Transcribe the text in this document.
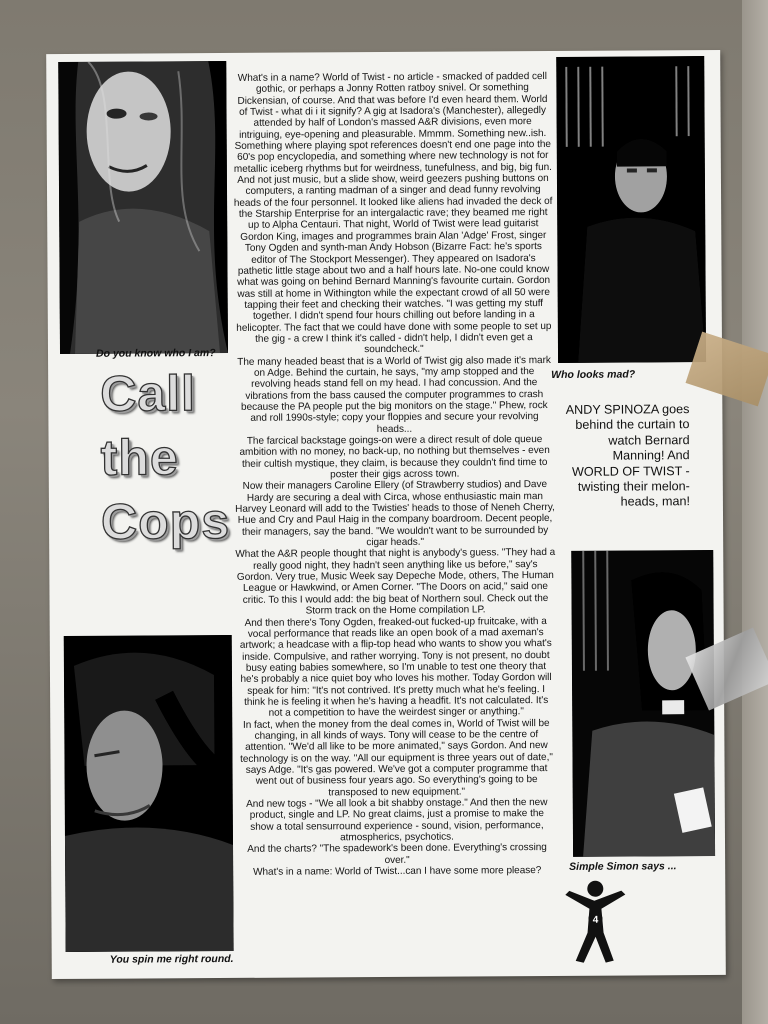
Do you know who I am?
Who looks mad?
Simple Simon says ...
You spin me right round.
Call
the
Cops

What's in a name? World of Twist - no article - smacked of padded cell gothic, or perhaps a Jonny Rotten ratboy snivel. Or something Dickensian, of course. And that was before I'd even heard them. World of Twist - what di i it signify? A gig at Isadora's (Manchester), allegedly attended by half of London's massed A&R divisions, even more intriguing, eye-opening and pleasurable. Mmmm. Something new..ish. Something where playing spot references doesn't end one page into the 60's pop encyclopedia, and something where new technology is not for metallic iceberg rhythms but for weirdness, tunefulness, and big, big fun. And not just music, but a slide show, weird geezers pushing buttons on computers, a ranting madman of a singer and dead funny revolving heads of the four personnel. It looked like aliens had invaded the deck of the Starship Enterprise for an intergalactic rave; they beamed me right up to Alpha Centauri. That night, World of Twist were lead guitarist Gordon King, images and programmes brain Alan 'Adge' Frost, singer Tony Ogden and synth-man Andy Hobson (Bizarre Fact: he's sports editor of The Stockport Messenger). They appeared on Isadora's pathetic little stage about two and a half hours late. No-one could know what was going on behind Bernard Manning's favourite curtain. Gordon was still at home in Withington while the expectant crowd of all 50 were tapping their feet and checking their watches. "I was getting my stuff together. I didn't spend four hours chilling out before landing in a helicopter. The fact that we could have done with some people to set up the gig - a crew I think it's called - didn't help, I didn't even get a soundcheck."

The many headed beast that is a World of Twist gig also made it's mark on Adge. Behind the curtain, he says, "my amp stopped and the revolving heads stand fell on my head. I had concussion. And the vibrations from the bass caused the computer programmes to crash because the PA people put the big monitors on the stage." Phew, rock and roll 1990s-style; copy your floppies and secure your revolving heads...

The farcical backstage goings-on were a direct result of dole queue ambition with no money, no back-up, no nothing but themselves - even their cultish mystique, they claim, is because they couldn't find time to poster their gigs across town.

Now their managers Caroline Ellery (of Strawberry studios) and Dave Hardy are securing a deal with Circa, whose enthusiastic main man Harvey Leonard will add to the Twisties' heads to those of Neneh Cherry, Hue and Cry and Paul Haig in the company boardroom. Decent people, their managers, say the band. "We wouldn't want to be surrounded by cigar heads."

What the A&R people thought that night is anybody's guess. "They had a really good night, they hadn't seen anything like us before," say's Gordon. Very true, Music Week say Depeche Mode, others, The Human League or Hawkwind, or Amen Corner. "The Doors on acid," said one critic. To this I would add: the big beat of Northern soul. Check out the Storm track on the Home compilation LP.

And then there's Tony Ogden, freaked-out fucked-up fruitcake, with a vocal performance that reads like an open book of a mad axeman's artwork; a headcase with a flip-top head who wants to show you what's inside. Compulsive, and rather worrying. Tony is not present, no doubt busy eating babies somewhere, so I'm unable to test one theory that he's probably a nice quiet boy who loves his mother. Today Gordon will speak for him: "It's not contrived. It's pretty much what he's feeling. I think he is feeling it when he's having a headfit. It's not calculated. It's not a competition to have the weirdest singer or anything."

In fact, when the money from the deal comes in, World of Twist will be changing, in all kinds of ways. Tony will cease to be the centre of attention. "We'd all like to be more animated," says Gordon. And new technology is on the way. "All our equipment is three years out of date," says Adge. "It's gas powered. We've got a computer programme that went out of business four years ago. So everything's going to be transposed to new equipment."

And new togs - "We all look a bit shabby onstage." And then the new product, single and LP. No great claims, just a promise to make the show a total sensurround experience - sound, vision, performance, atmospherics, psychotics.

And the charts? "The spadework's been done. Everything's crossing over."

What's in a name: World of Twist...can I have some more please?

ANDY SPINOZA goes behind the curtain to watch Bernard Manning! And WORLD OF TWIST - twisting their melon-heads, man!
4
